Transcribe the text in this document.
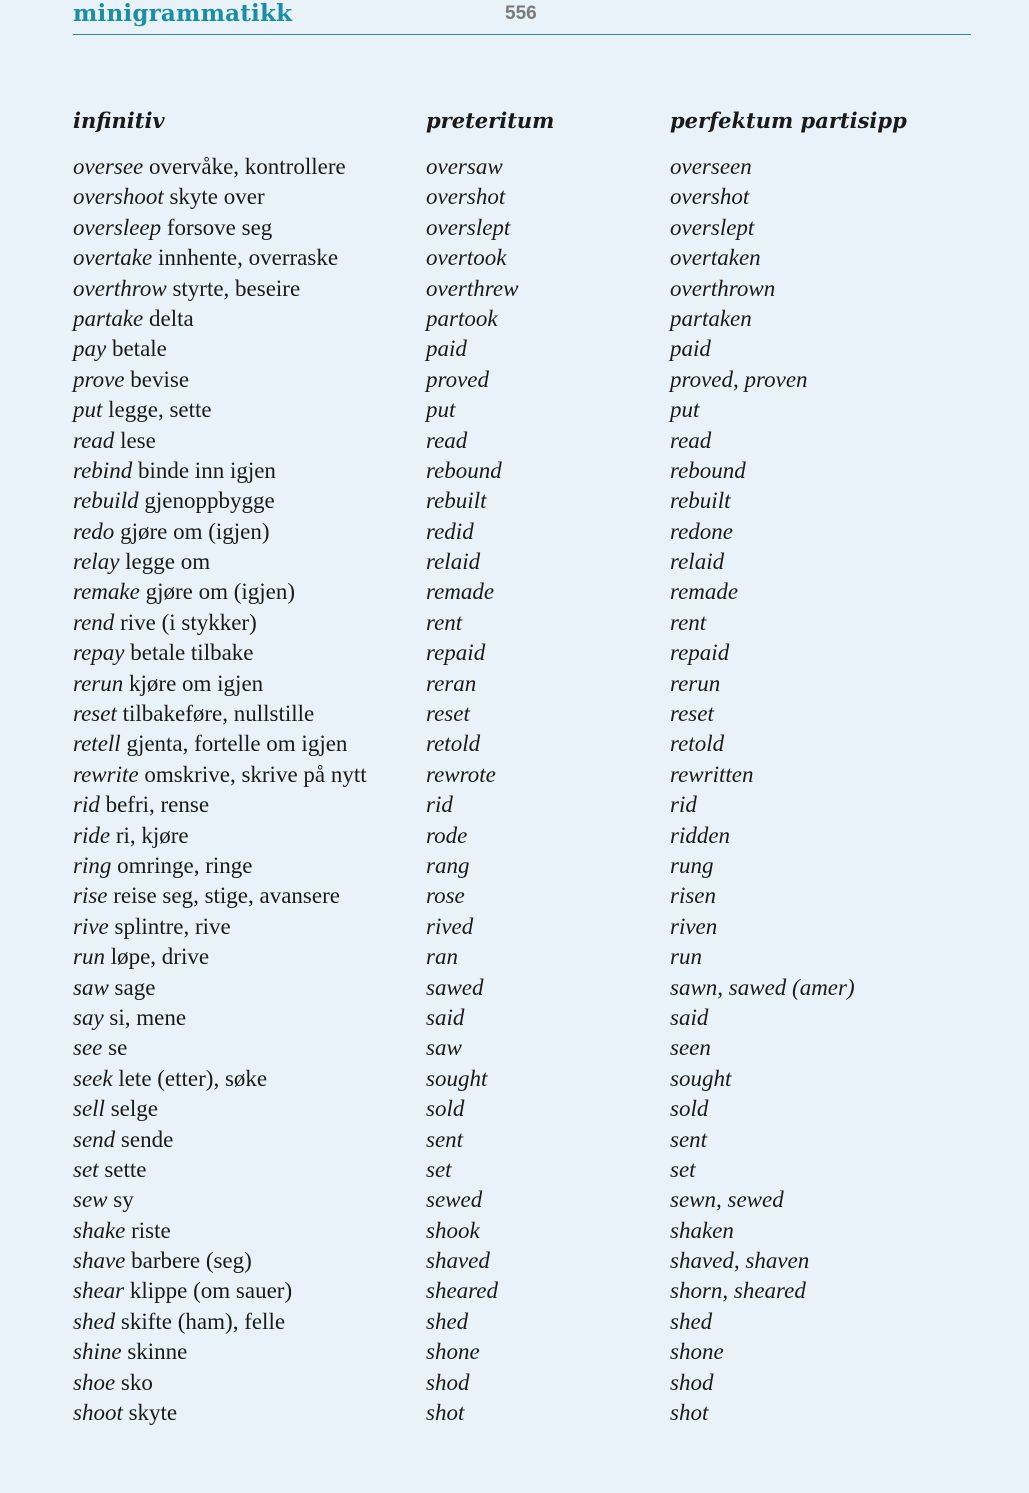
minigrammatikk	556
infinitiv	preteritum	perfektum partisipp
oversee overvåke, kontrollere	oversaw	overseen
overshoot skyte over	overshot	overshot
oversleep forsove seg	overslept	overslept
overtake innhente, overraske	overtook	overtaken
overthrow styrte, beseire	overthrew	overthrown
partake delta	partook	partaken
pay betale	paid	paid
prove bevise	proved	proved, proven
put legge, sette	put	put
read lese	read	read
rebind binde inn igjen	rebound	rebound
rebuild gjenoppbygge	rebuilt	rebuilt
redo gjøre om (igjen)	redid	redone
relay legge om	relaid	relaid
remake gjøre om (igjen)	remade	remade
rend rive (i stykker)	rent	rent
repay betale tilbake	repaid	repaid
rerun kjøre om igjen	reran	rerun
reset tilbakeføre, nullstille	reset	reset
retell gjenta, fortelle om igjen	retold	retold
rewrite omskrive, skrive på nytt	rewrote	rewritten
rid befri, rense	rid	rid
ride ri, kjøre	rode	ridden
ring omringe, ringe	rang	rung
rise reise seg, stige, avansere	rose	risen
rive splintre, rive	rived	riven
run løpe, drive	ran	run
saw sage	sawed	sawn, sawed (amer)
say si, mene	said	said
see se	saw	seen
seek lete (etter), søke	sought	sought
sell selge	sold	sold
send sende	sent	sent
set sette	set	set
sew sy	sewed	sewn, sewed
shake riste	shook	shaken
shave barbere (seg)	shaved	shaved, shaven
shear klippe (om sauer)	sheared	shorn, sheared
shed skifte (ham), felle	shed	shed
shine skinne	shone	shone
shoe sko	shod	shod
shoot skyte	shot	shot
